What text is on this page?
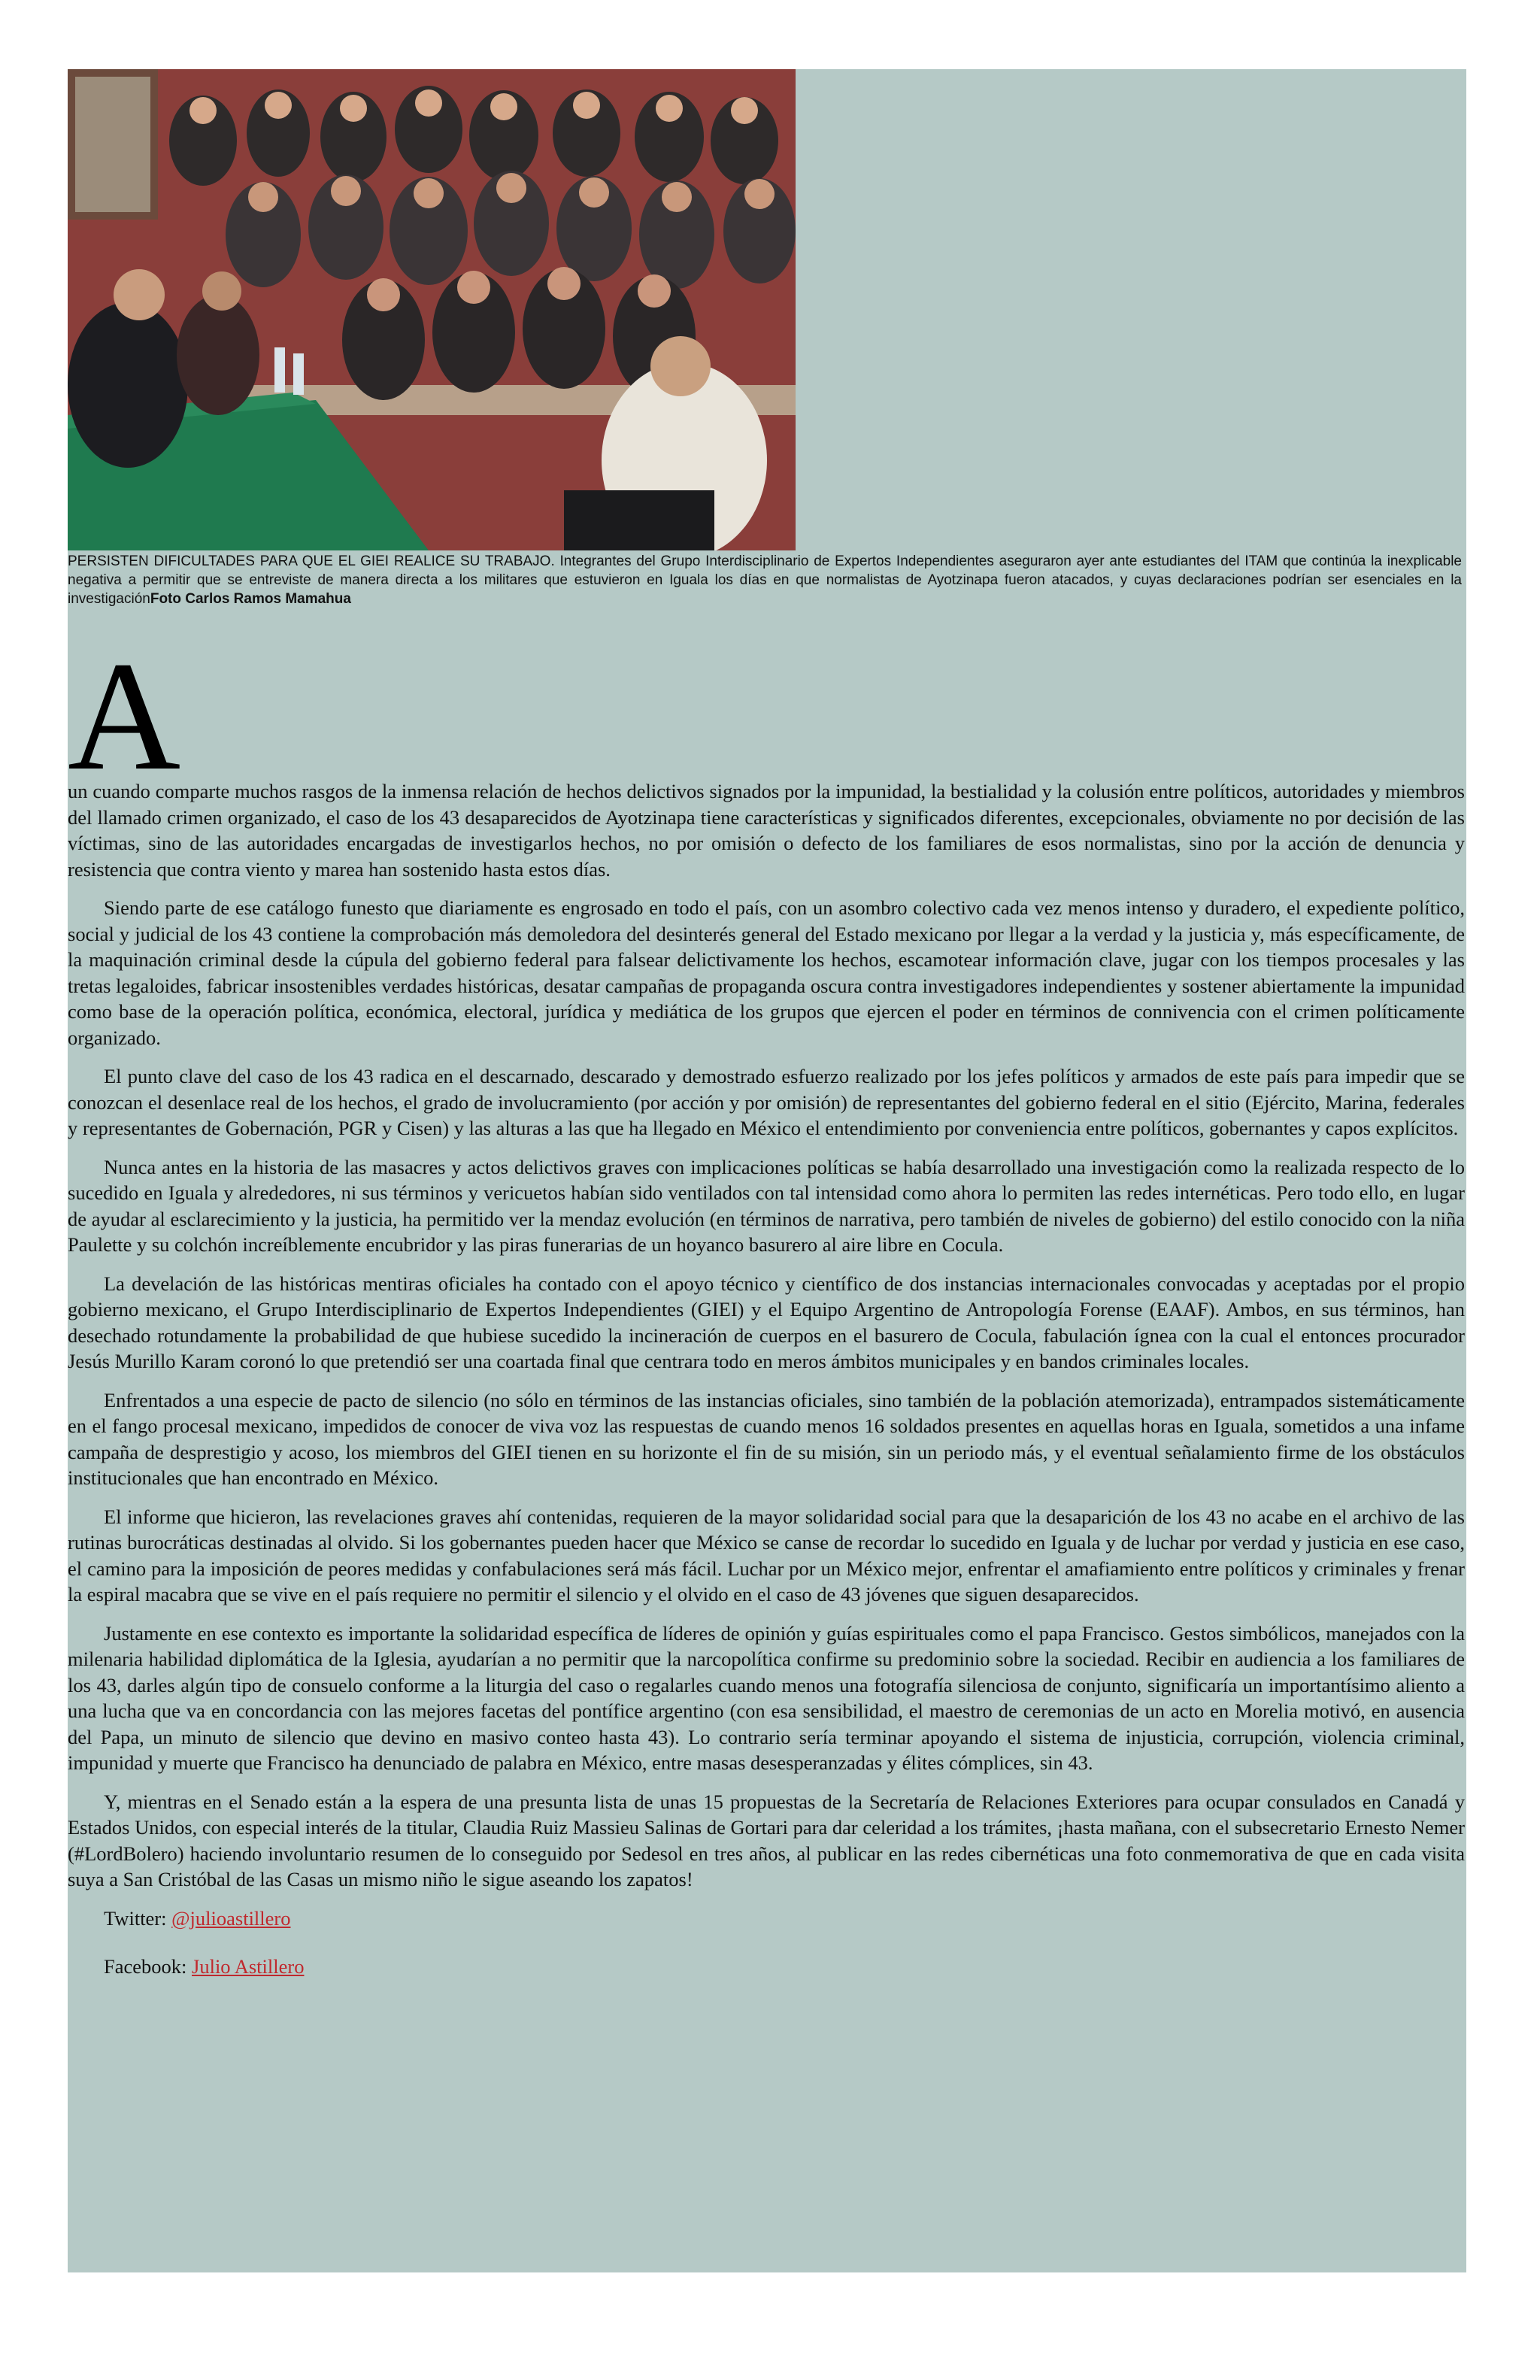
PERSISTEN DIFICULTADES PARA QUE EL GIEI REALICE SU TRABAJO. Integrantes del Grupo Interdisciplinario de Expertos Independientes aseguraron ayer ante estudiantes del ITAM que continúa la inexplicable negativa a permitir que se entreviste de manera directa a los militares que estuvieron en Iguala los días en que normalistas de Ayotzinapa fueron atacados, y cuyas declaraciones podrían ser esenciales en la investigaciónFoto Carlos Ramos Mamahua

A

un cuando comparte muchos rasgos de la inmensa relación de hechos delictivos signados por la impunidad, la bestialidad y la colusión entre políticos, autoridades y miembros del llamado crimen organizado, el caso de los 43 desaparecidos de Ayotzinapa tiene características y significados diferentes, excepcionales, obviamente no por decisión de las víctimas, sino de las autoridades encargadas de investigarlos hechos, no por omisión o defecto de los familiares de esos normalistas, sino por la acción de denuncia y resistencia que contra viento y marea han sostenido hasta estos días.

Siendo parte de ese catálogo funesto que diariamente es engrosado en todo el país, con un asombro colectivo cada vez menos intenso y duradero, el expediente político, social y judicial de los 43 contiene la comprobación más demoledora del desinterés general del Estado mexicano por llegar a la verdad y la justicia y, más específicamente, de la maquinación criminal desde la cúpula del gobierno federal para falsear delictivamente los hechos, escamotear información clave, jugar con los tiempos procesales y las tretas legaloides, fabricar insostenibles verdades históricas, desatar campañas de propaganda oscura contra investigadores independientes y sostener abiertamente la impunidad como base de la operación política, económica, electoral, jurídica y mediática de los grupos que ejercen el poder en términos de connivencia con el crimen políticamente organizado.

El punto clave del caso de los 43 radica en el descarnado, descarado y demostrado esfuerzo realizado por los jefes políticos y armados de este país para impedir que se conozcan el desenlace real de los hechos, el grado de involucramiento (por acción y por omisión) de representantes del gobierno federal en el sitio (Ejército, Marina, federales y representantes de Gobernación, PGR y Cisen) y las alturas a las que ha llegado en México el entendimiento por conveniencia entre políticos, gobernantes y capos explícitos.

Nunca antes en la historia de las masacres y actos delictivos graves con implicaciones políticas se había desarrollado una investigación como la realizada respecto de lo sucedido en Iguala y alrededores, ni sus términos y vericuetos habían sido ventilados con tal intensidad como ahora lo permiten las redes internéticas. Pero todo ello, en lugar de ayudar al esclarecimiento y la justicia, ha permitido ver la mendaz evolución (en términos de narrativa, pero también de niveles de gobierno) del estilo conocido con la niña Paulette y su colchón increíblemente encubridor y las piras funerarias de un hoyanco basurero al aire libre en Cocula.

La develación de las históricas mentiras oficiales ha contado con el apoyo técnico y científico de dos instancias internacionales convocadas y aceptadas por el propio gobierno mexicano, el Grupo Interdisciplinario de Expertos Independientes (GIEI) y el Equipo Argentino de Antropología Forense (EAAF). Ambos, en sus términos, han desechado rotundamente la probabilidad de que hubiese sucedido la incineración de cuerpos en el basurero de Cocula, fabulación ígnea con la cual el entonces procurador Jesús Murillo Karam coronó lo que pretendió ser una coartada final que centrara todo en meros ámbitos municipales y en bandos criminales locales.

Enfrentados a una especie de pacto de silencio (no sólo en términos de las instancias oficiales, sino también de la población atemorizada), entrampados sistemáticamente en el fango procesal mexicano, impedidos de conocer de viva voz las respuestas de cuando menos 16 soldados presentes en aquellas horas en Iguala, sometidos a una infame campaña de desprestigio y acoso, los miembros del GIEI tienen en su horizonte el fin de su misión, sin un periodo más, y el eventual señalamiento firme de los obstáculos institucionales que han encontrado en México.

El informe que hicieron, las revelaciones graves ahí contenidas, requieren de la mayor solidaridad social para que la desaparición de los 43 no acabe en el archivo de las rutinas burocráticas destinadas al olvido. Si los gobernantes pueden hacer que México se canse de recordar lo sucedido en Iguala y de luchar por verdad y justicia en ese caso, el camino para la imposición de peores medidas y confabulaciones será más fácil. Luchar por un México mejor, enfrentar el amafiamiento entre políticos y criminales y frenar la espiral macabra que se vive en el país requiere no permitir el silencio y el olvido en el caso de 43 jóvenes que siguen desaparecidos.

Justamente en ese contexto es importante la solidaridad específica de líderes de opinión y guías espirituales como el papa Francisco. Gestos simbólicos, manejados con la milenaria habilidad diplomática de la Iglesia, ayudarían a no permitir que la narcopolítica confirme su predominio sobre la sociedad. Recibir en audiencia a los familiares de los 43, darles algún tipo de consuelo conforme a la liturgia del caso o regalarles cuando menos una fotografía silenciosa de conjunto, significaría un importantísimo aliento a una lucha que va en concordancia con las mejores facetas del pontífice argentino (con esa sensibilidad, el maestro de ceremonias de un acto en Morelia motivó, en ausencia del Papa, un minuto de silencio que devino en masivo conteo hasta 43). Lo contrario sería terminar apoyando el sistema de injusticia, corrupción, violencia criminal, impunidad y muerte que Francisco ha denunciado de palabra en México, entre masas desesperanzadas y élites cómplices, sin 43.

Y, mientras en el Senado están a la espera de una presunta lista de unas 15 propuestas de la Secretaría de Relaciones Exteriores para ocupar consulados en Canadá y Estados Unidos, con especial interés de la titular, Claudia Ruiz Massieu Salinas de Gortari para dar celeridad a los trámites, ¡hasta mañana, con el subsecretario Ernesto Nemer (#LordBolero) haciendo involuntario resumen de lo conseguido por Sedesol en tres años, al publicar en las redes cibernéticas una foto conmemorativa de que en cada visita suya a San Cristóbal de las Casas un mismo niño le sigue aseando los zapatos!

Twitter: @julioastillero

Facebook: Julio Astillero
